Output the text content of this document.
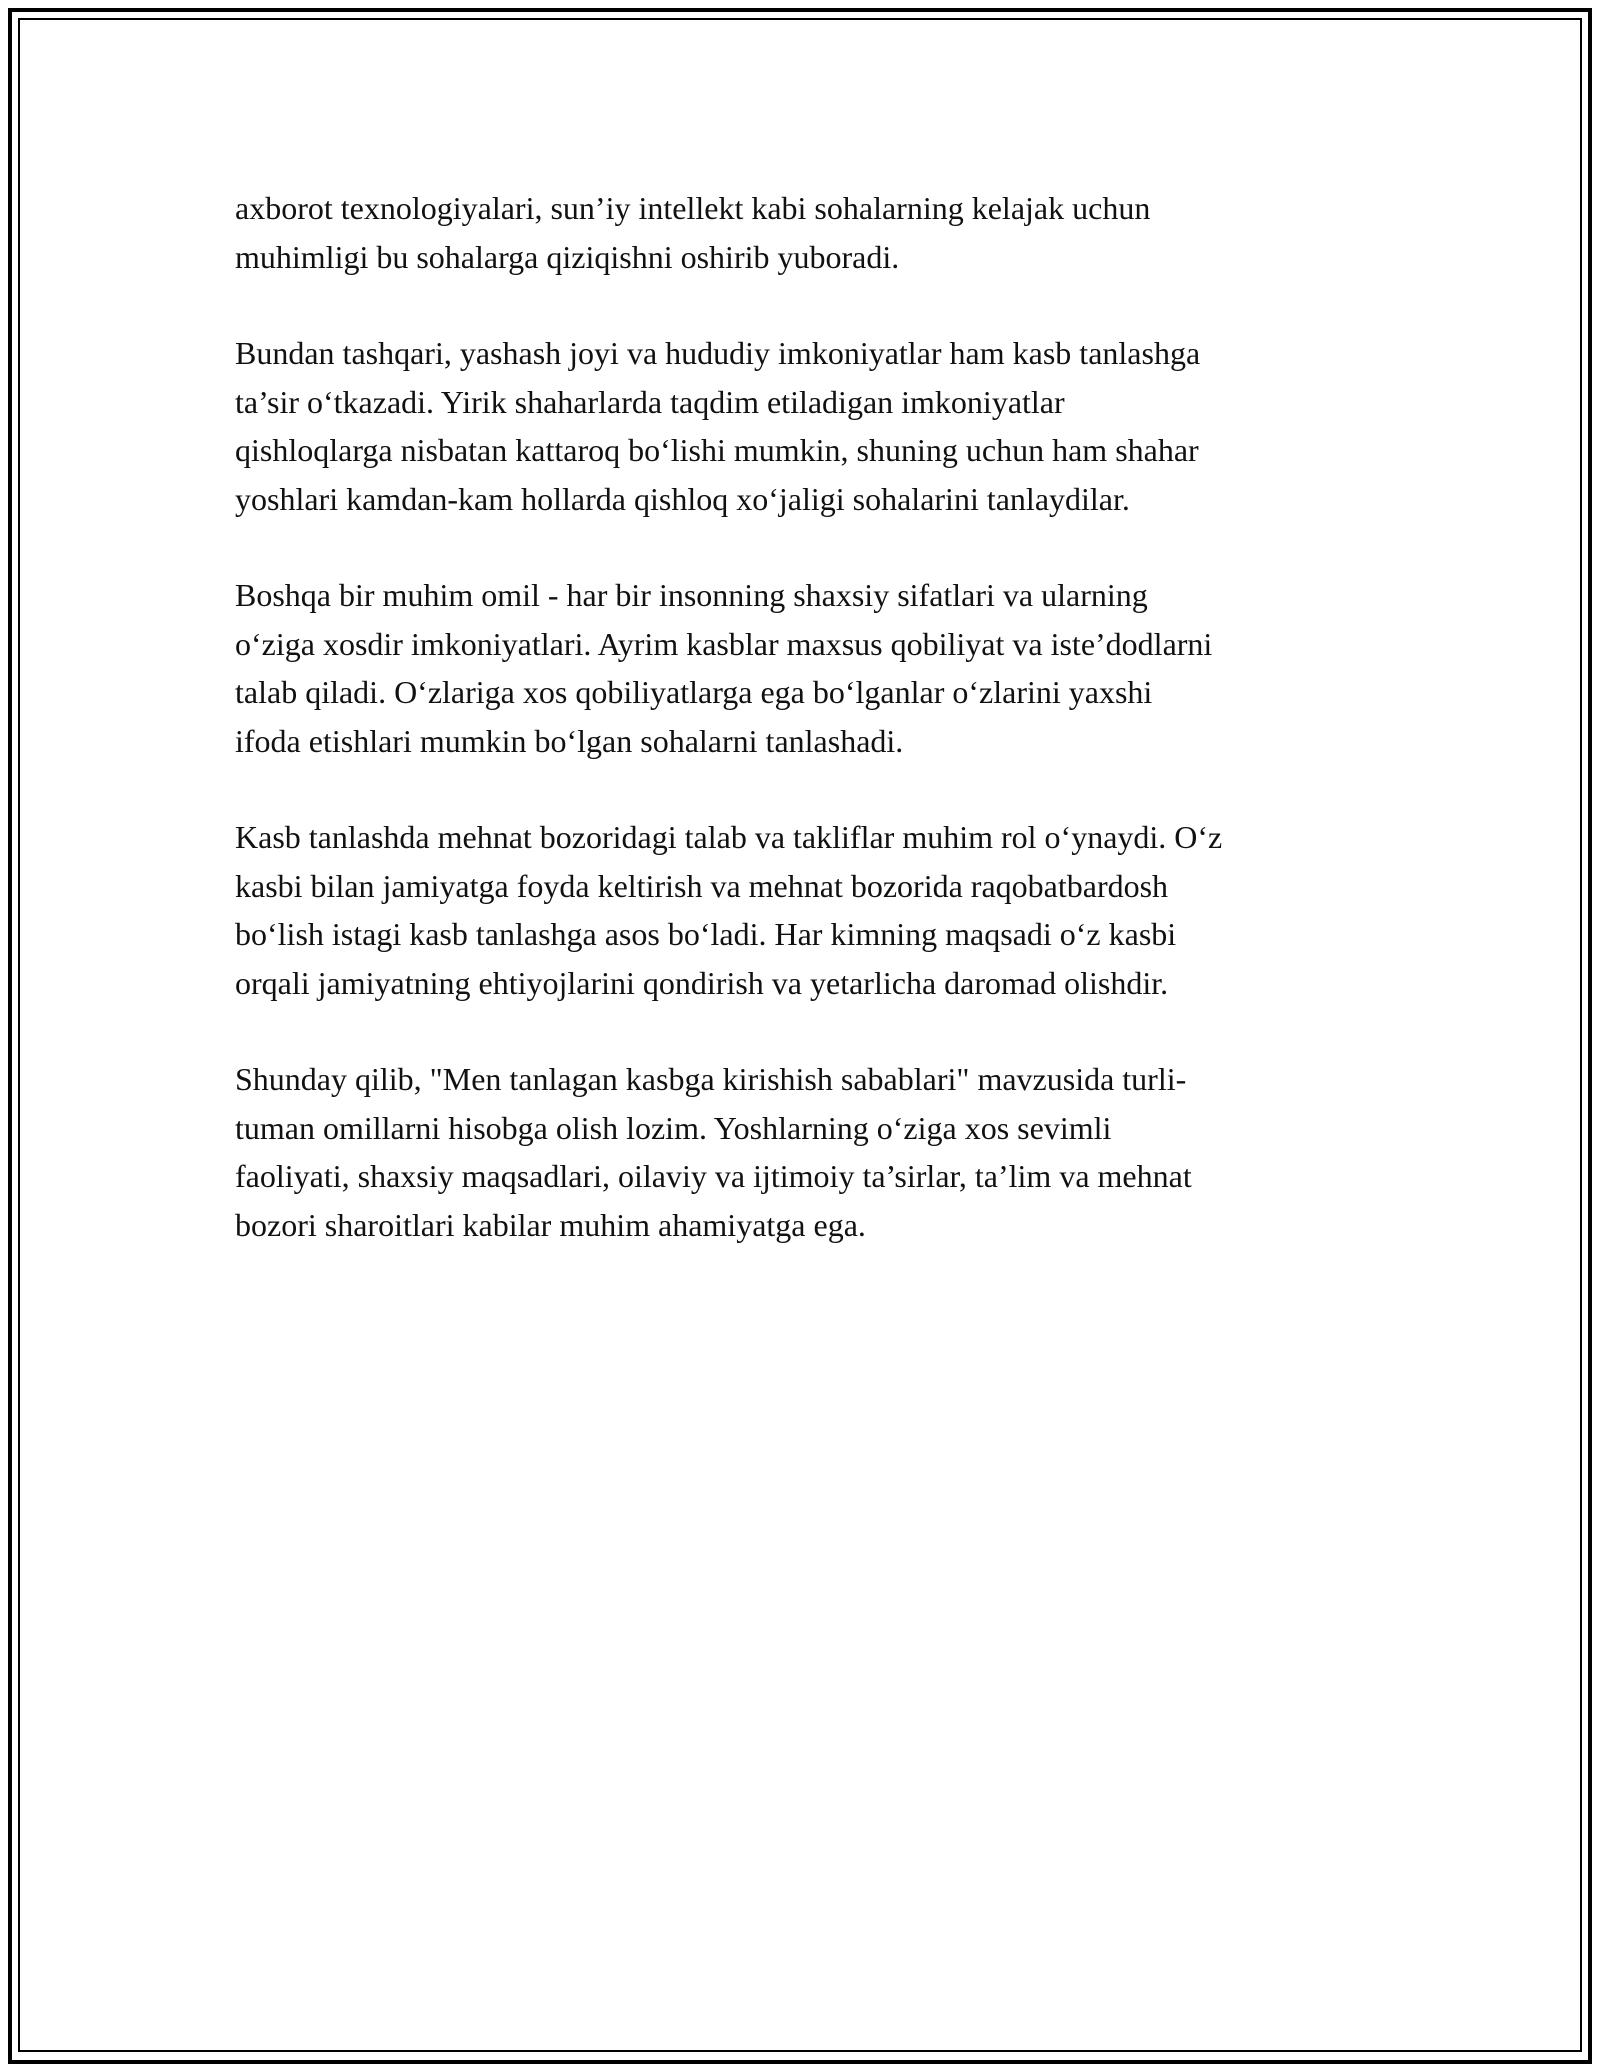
axborot texnologiyalari, sun’iy intellekt kabi sohalarning kelajak uchun
muhimligi bu sohalarga qiziqishni oshirib yuboradi.

Bundan tashqari, yashash joyi va hududiy imkoniyatlar ham kasb tanlashga
ta’sir o‘tkazadi. Yirik shaharlarda taqdim etiladigan imkoniyatlar
qishloqlarga nisbatan kattaroq bo‘lishi mumkin, shuning uchun ham shahar
yoshlari kamdan-kam hollarda qishloq xo‘jaligi sohalarini tanlaydilar.

Boshqa bir muhim omil - har bir insonning shaxsiy sifatlari va ularning
o‘ziga xosdir imkoniyatlari. Ayrim kasblar maxsus qobiliyat va iste’dodlarni
talab qiladi. O‘zlariga xos qobiliyatlarga ega bo‘lganlar o‘zlarini yaxshi
ifoda etishlari mumkin bo‘lgan sohalarni tanlashadi.

Kasb tanlashda mehnat bozoridagi talab va takliflar muhim rol o‘ynaydi. O‘z
kasbi bilan jamiyatga foyda keltirish va mehnat bozorida raqobatbardosh
bo‘lish istagi kasb tanlashga asos bo‘ladi. Har kimning maqsadi o‘z kasbi
orqali jamiyatning ehtiyojlarini qondirish va yetarlicha daromad olishdir.

Shunday qilib, "Men tanlagan kasbga kirishish sabablari" mavzusida turli-
tuman omillarni hisobga olish lozim. Yoshlarning o‘ziga xos sevimli
faoliyati, shaxsiy maqsadlari, oilaviy va ijtimoiy ta’sirlar, ta’lim va mehnat
bozori sharoitlari kabilar muhim ahamiyatga ega.
